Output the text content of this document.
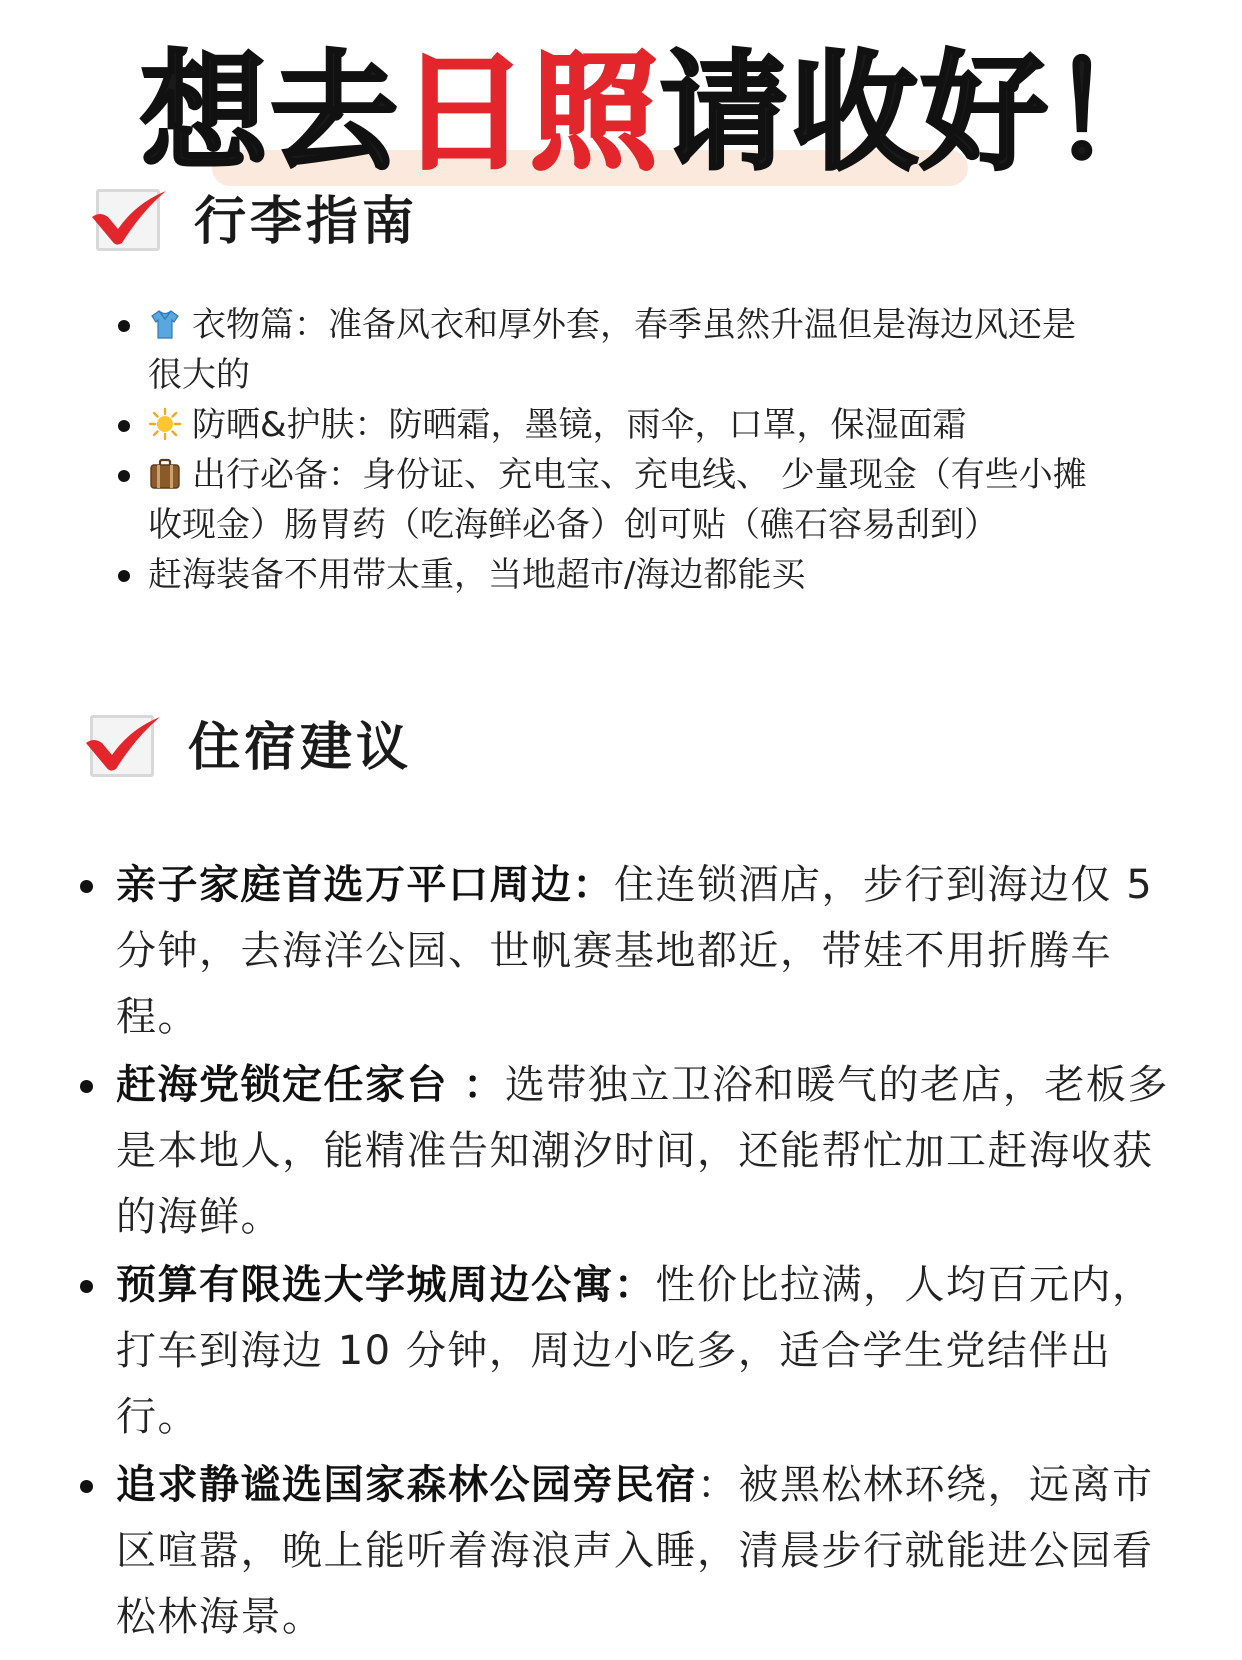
想去日照请收好！
行李指南
衣物篇：准备风衣和厚外套，春季虽然升温但是海边风还是很大的
防晒&护肤：防晒霜，墨镜，雨伞，口罩，保湿面霜
出行必备：身份证、充电宝、充电线、 少量现金（有些小摊收现金）肠胃药（吃海鲜必备）创可贴（礁石容易刮到）
赶海装备不用带太重，当地超市/海边都能买
住宿建议
亲子家庭首选万平口周边：住连锁酒店，步行到海边仅 5 分钟，去海洋公园、世帆赛基地都近，带娃不用折腾车程。
赶海党锁定任家台 ：选带独立卫浴和暖气的老店，老板多是本地人，能精准告知潮汐时间，还能帮忙加工赶海收获的海鲜。
预算有限选大学城周边公寓：性价比拉满，人均百元内，打车到海边 10 分钟，周边小吃多，适合学生党结伴出行。
追求静谧选国家森林公园旁民宿：被黑松林环绕，远离市区喧嚣，晚上能听着海浪声入睡，清晨步行就能进公园看松林海景。
